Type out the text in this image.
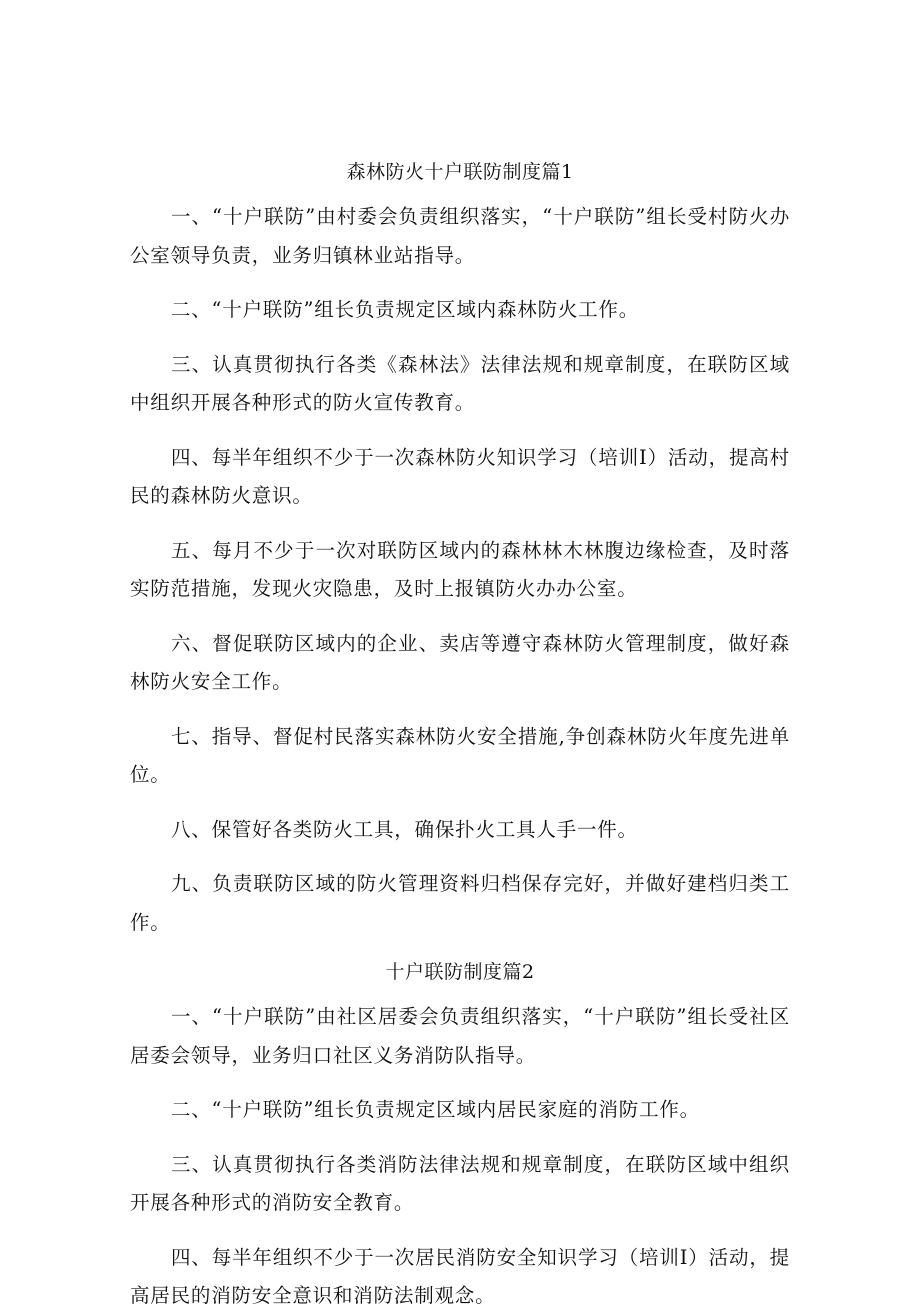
森林防火十户联防制度篇1

一、“十户联防”由村委会负责组织落实，“十户联防”组长受村防火办公室领导负责，业务归镇林业站指导。

二、“十户联防”组长负责规定区域内森林防火工作。

三、认真贯彻执行各类《森林法》法律法规和规章制度，在联防区域中组织开展各种形式的防火宣传教育。

四、每半年组织不少于一次森林防火知识学习（培训I）活动，提高村民的森林防火意识。

五、每月不少于一次对联防区域内的森林林木林腹边缘检查，及时落实防范措施，发现火灾隐患，及时上报镇防火办办公室。

六、督促联防区域内的企业、卖店等遵守森林防火管理制度，做好森林防火安全工作。

七、指导、督促村民落实森林防火安全措施,争创森林防火年度先进单位。

八、保管好各类防火工具，确保扑火工具人手一件。

九、负责联防区域的防火管理资料归档保存完好，并做好建档归类工作。

十户联防制度篇2

一、“十户联防”由社区居委会负责组织落实，“十户联防”组长受社区居委会领导，业务归口社区义务消防队指导。

二、“十户联防”组长负责规定区域内居民家庭的消防工作。

三、认真贯彻执行各类消防法律法规和规章制度，在联防区域中组织开展各种形式的消防安全教育。

四、每半年组织不少于一次居民消防安全知识学习（培训I）活动，提高居民的消防安全意识和消防法制观念。
